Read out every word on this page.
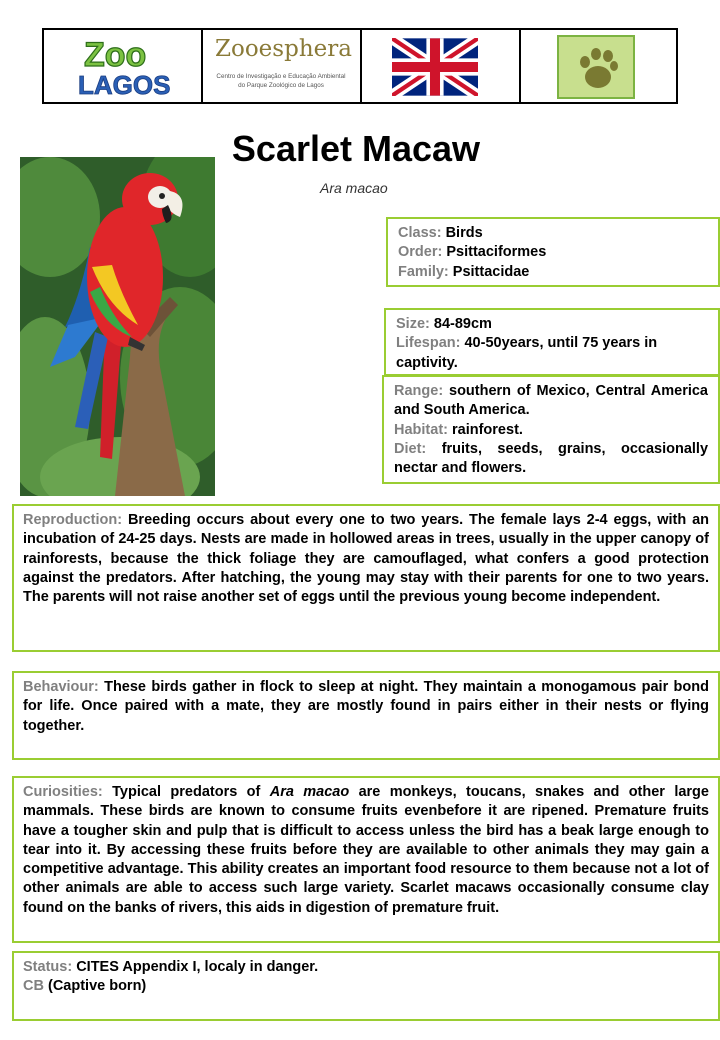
Zoo
LAGOS
Zooesphera
Centro de Investigação e Educação Ambiental
do Parque Zoológico de Lagos
Scarlet Macaw
Ara macao
Class: Birds
Order: Psittaciformes
Family: Psittacidae
Size: 84-89cm
Lifespan: 40-50years, until 75 years in captivity.
Range: southern of Mexico, Central America and South America.
Habitat: rainforest.
Diet: fruits, seeds, grains, occasionally nectar and flowers.
Reproduction: Breeding occurs about every one to two years. The female lays 2-4 eggs, with an incubation of 24-25 days. Nests are made in hollowed areas in trees, usually in the upper canopy of rainforests, because the thick foliage they are camouflaged, what confers a good protection against the predators. After hatching, the young may stay with their parents for one to two years. The parents will not raise another set of eggs until the previous young become independent.
Behaviour: These birds gather in flock to sleep at night. They maintain a monogamous pair bond for life. Once paired with a mate, they are mostly found in pairs either in their nests or flying together.
Curiosities: Typical predators of Ara macao are monkeys, toucans, snakes and other large mammals. These birds are known to consume fruits evenbefore it are ripened. Premature fruits have a tougher skin and pulp that is difficult to access unless the bird has a beak large enough to tear into it. By accessing these fruits before they are available to other animals they may gain a competitive advantage. This ability creates an important food resource to them because not a lot of other animals are able to access such large variety. Scarlet macaws occasionally consume clay found on the banks of rivers, this aids in digestion of premature fruit.
Status: CITES Appendix I, localy in danger.
CB (Captive born)
